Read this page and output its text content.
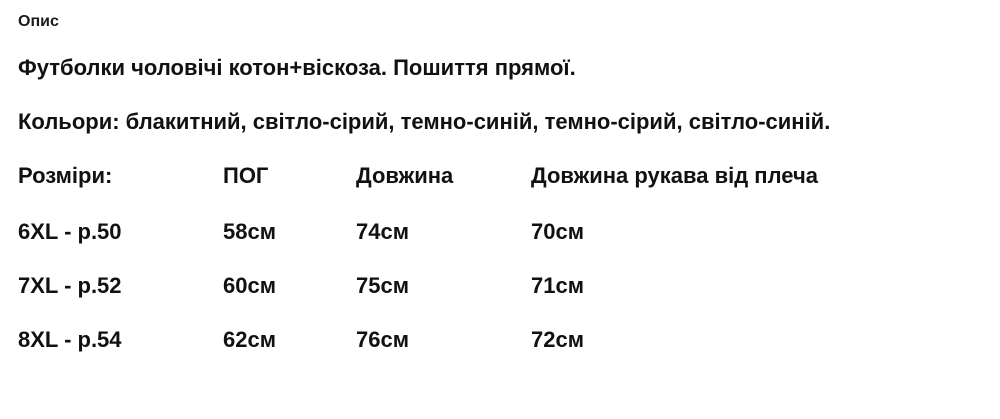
Опис

Футболки чоловічі котон+віскоза. Пошиття прямої.

Кольори: блакитний, світло-сірий, темно-синій, темно-сірий, світло-синій.

Розміри:	ПОГ	Довжина	Довжина рукава від плеча
6XL - р.50	58см	74см	70см
7XL - р.52	60см	75см	71см
8XL - р.54	62см	76см	72см
